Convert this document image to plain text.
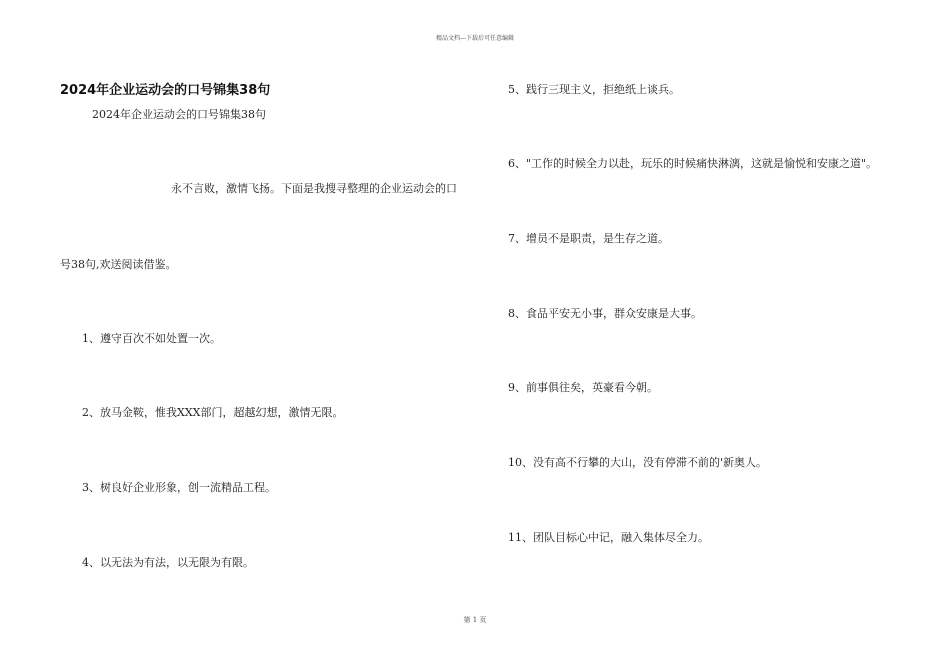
精品文档---下载后可任意编辑
2024年企业运动会的口号锦集38句
2024年企业运动会的口号锦集38句
永不言败，激情飞扬。下面是我搜寻整理的企业运动会的口
号38句,欢送阅读借鉴。
1、遵守百次不如处置一次。
2、放马金鞍，惟我XXX部门，超越幻想，激情无限。
3、树良好企业形象，创一流精品工程。
4、以无法为有法，以无限为有限。
5、践行三现主义，拒绝纸上谈兵。
6、"工作的时候全力以赴，玩乐的时候痛快淋漓，这就是愉悦和安康之道"。
7、增员不是职责，是生存之道。
8、食品平安无小事，群众安康是大事。
9、前事俱往矣，英豪看今朝。
10、没有高不行攀的大山，没有停滞不前的'新奥人。
11、团队目标心中记，融入集体尽全力。
第 1 页
